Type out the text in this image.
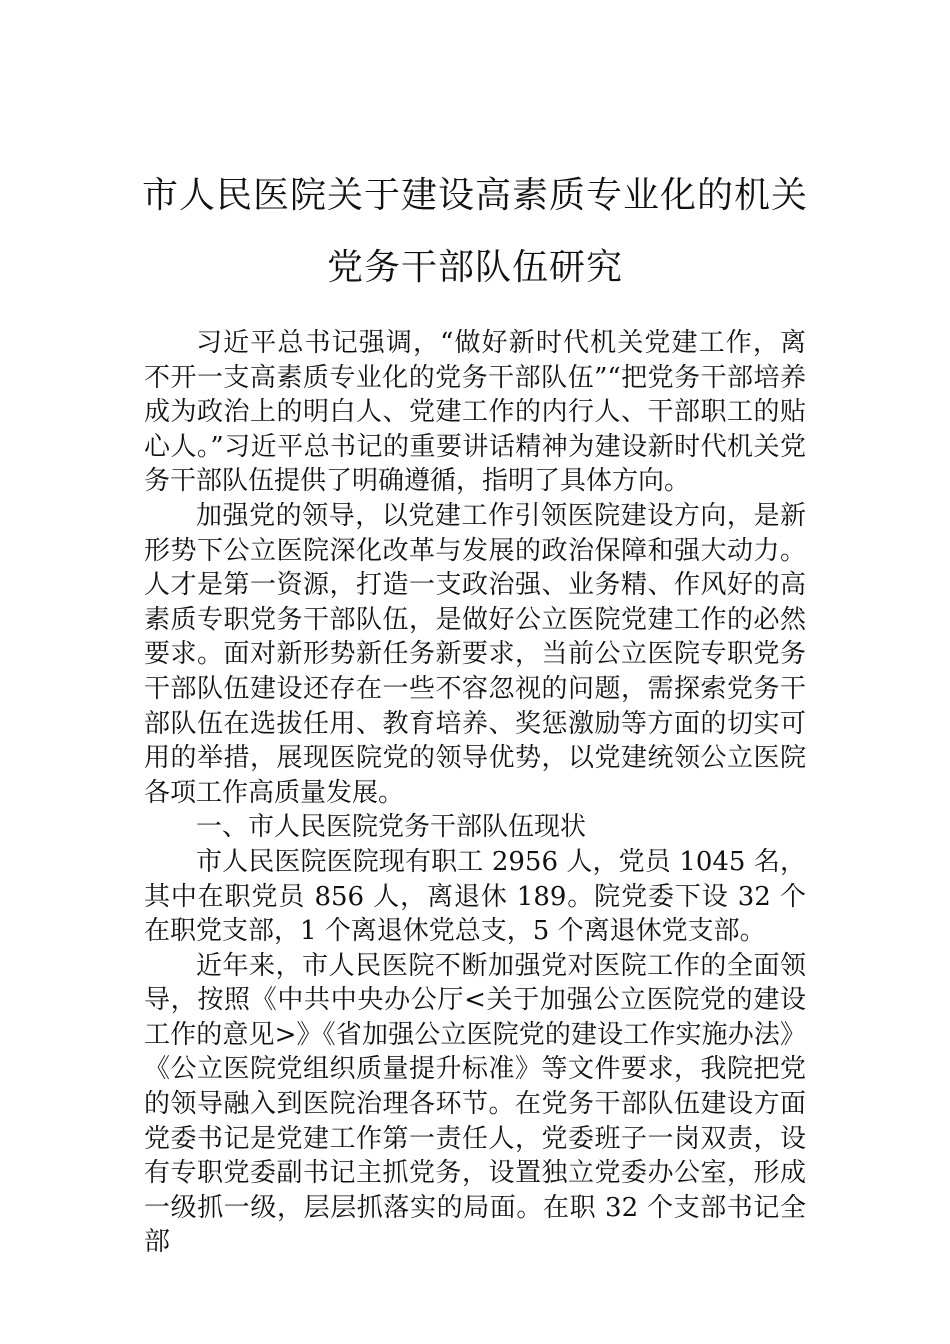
市人民医院关于建设高素质专业化的机关
党务干部队伍研究

习近平总书记强调，“做好新时代机关党建工作，离不开一支高素质专业化的党务干部队伍”“把党务干部培养成为政治上的明白人、党建工作的内行人、干部职工的贴心人。”习近平总书记的重要讲话精神为建设新时代机关党务干部队伍提供了明确遵循，指明了具体方向。

加强党的领导，以党建工作引领医院建设方向，是新形势下公立医院深化改革与发展的政治保障和强大动力。人才是第一资源，打造一支政治强、业务精、作风好的高素质专职党务干部队伍，是做好公立医院党建工作的必然要求。面对新形势新任务新要求，当前公立医院专职党务干部队伍建设还存在一些不容忽视的问题，需探索党务干部队伍在选拔任用、教育培养、奖惩激励等方面的切实可用的举措，展现医院党的领导优势，以党建统领公立医院各项工作高质量发展。

一、市人民医院党务干部队伍现状

市人民医院医院现有职工 2956 人，党员 1045 名，其中在职党员 856 人，离退休 189。院党委下设 32 个在职党支部，1 个离退休党总支，5 个离退休党支部。

近年来，市人民医院不断加强党对医院工作的全面领导，按照《中共中央办公厅<关于加强公立医院党的建设工作的意见>》《省加强公立医院党的建设工作实施办法》《公立医院党组织质量提升标准》等文件要求，我院把党的领导融入到医院治理各环节。在党务干部队伍建设方面党委书记是党建工作第一责任人，党委班子一岗双责，设有专职党委副书记主抓党务，设置独立党委办公室，形成一级抓一级，层层抓落实的局面。在职 32 个支部书记全部
